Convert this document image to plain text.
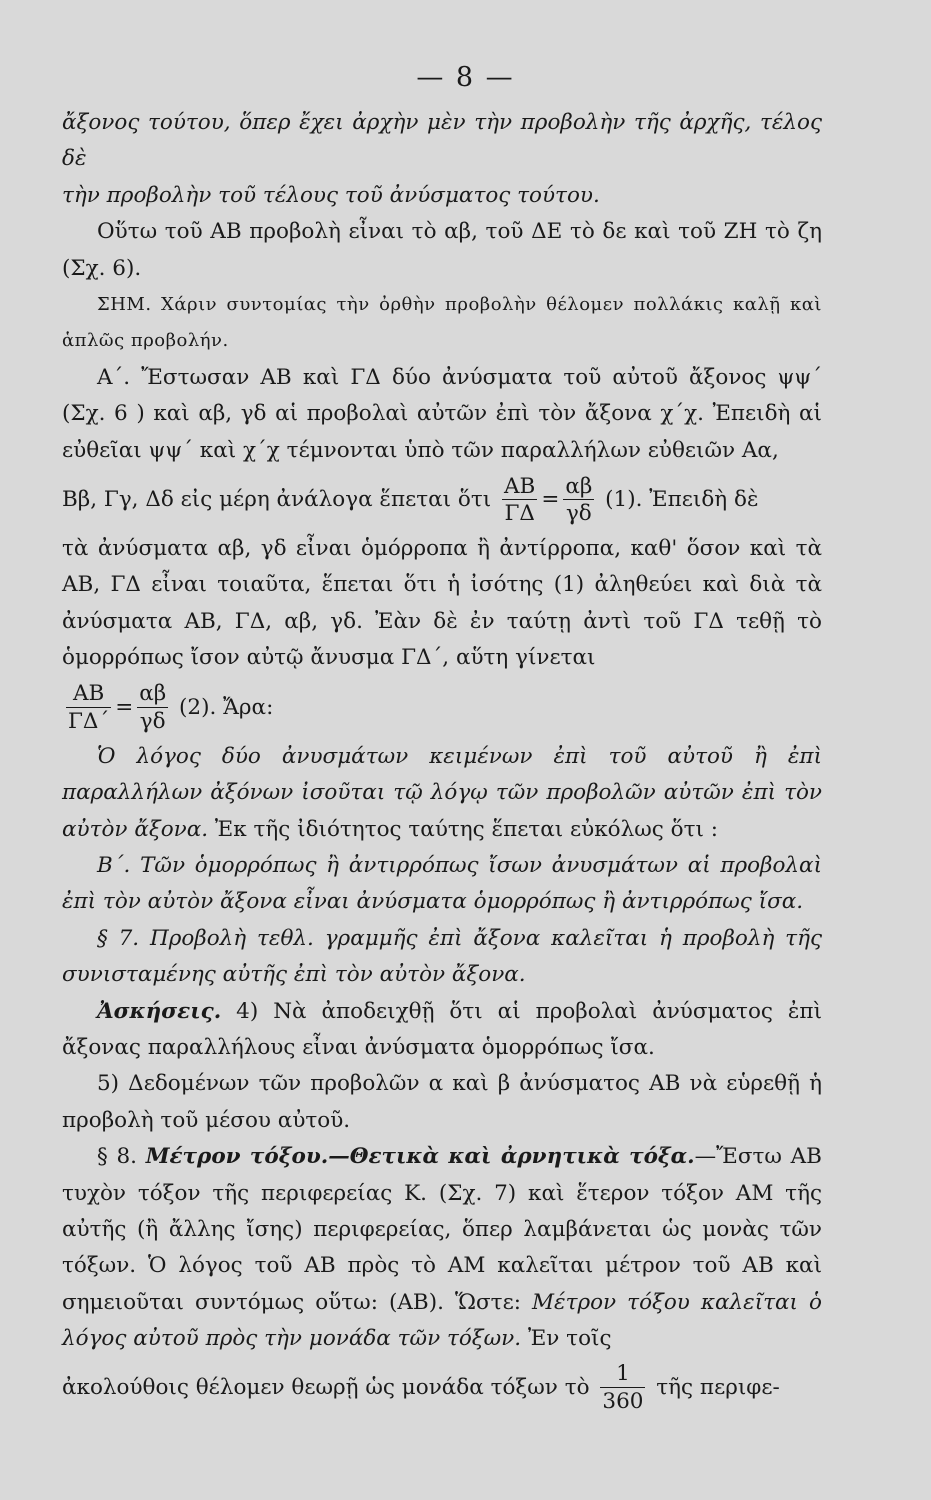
— 8 —

ἄξονος τούτου, ὅπερ ἔχει ἀρχὴν μὲν τὴν προβολὴν τῆς ἀρχῆς, τέλος δὲ

τὴν προβολὴν τοῦ τέλους τοῦ ἀνύσματος τούτου.

Οὕτω τοῦ ΑΒ προβολὴ εἶναι τὸ αβ, τοῦ ΔΕ τὸ δε καὶ τοῦ ΖΗ τὸ ζη (Σχ. 6).

ΣΗΜ. Χάριν συντομίας τὴν ὀρθὴν προβολὴν θέλομεν πολλάκις καλῇ καὶ ἁπλῶς προβολήν.

Α΄. Ἔστωσαν ΑΒ καὶ ΓΔ δύο ἀνύσματα τοῦ αὐτοῦ ἄξονος ψψ΄ (Σχ. 6 ) καὶ αβ, γδ αἱ προβολαὶ αὐτῶν ἐπὶ τὸν ἄξονα χ΄χ. Ἐπειδὴ αἱ εὐθεῖαι ψψ΄ καὶ χ΄χ τέμνονται ὑπὸ τῶν παραλλήλων εὐθειῶν Αα,

Ββ, Γγ, Δδ εἰς μέρη ἀνάλογα ἕπεται ὅτι $\frac{AB}{\Gamma\Delta} = \frac{\alpha\beta}{\gamma\delta} (1)$. Ἐπειδὴ δὲ

τὰ ἀνύσματα αβ, γδ εἶναι ὁμόρροπα ἢ ἀντίρροπα, καθ' ὅσον καὶ τὰ ΑΒ, ΓΔ εἶναι τοιαῦτα, ἕπεται ὅτι ἡ ἰσότης (1) ἀληθεύει καὶ διὰ τὰ ἀνύσματα ΑΒ, ΓΔ, αβ, γδ. Ἐὰν δὲ ἐν ταύτῃ ἀντὶ τοῦ ΓΔ τεθῇ τὸ ὁμορρόπως ἴσον αὐτῷ ἄνυσμα ΓΔ΄, αὕτη γίνεται

$\frac{AB}{\Gamma\Delta΄} = \frac{\alpha\beta}{\gamma\delta} (2)$. Ἄρα:

Ὁ λόγος δύο ἀνυσμάτων κειμένων ἐπὶ τοῦ αὐτοῦ ἢ ἐπὶ παραλλήλων ἀξόνων ἰσοῦται τῷ λόγῳ τῶν προβολῶν αὐτῶν ἐπὶ τὸν αὐτὸν ἄξονα. Ἐκ τῆς ἰδιότητος ταύτης ἕπεται εὐκόλως ὅτι :

Β΄. Τῶν ὁμορρόπως ἢ ἀντιρρόπως ἴσων ἀνυσμάτων αἱ προβολαὶ ἐπὶ τὸν αὐτὸν ἄξονα εἶναι ἀνύσματα ὁμορρόπως ἢ ἀντιρρόπως ἴσα.

§ 7. Προβολὴ τεθλ. γραμμῆς ἐπὶ ἄξονα καλεῖται ἡ προβολὴ τῆς συνισταμένης αὐτῆς ἐπὶ τὸν αὐτὸν ἄξονα.

Ἀσκήσεις. 4) Νὰ ἀποδειχθῇ ὅτι αἱ προβολαὶ ἀνύσματος ἐπὶ ἄξονας παραλλήλους εἶναι ἀνύσματα ὁμορρόπως ἴσα.

5) Δεδομένων τῶν προβολῶν α καὶ β ἀνύσματος ΑΒ νὰ εὑρεθῇ ἡ προβολὴ τοῦ μέσου αὐτοῦ.

§ 8. Μέτρον τόξου.—Θετικὰ καὶ ἀρνητικὰ τόξα.—Ἔστω ΑΒ τυχὸν τόξον τῆς περιφερείας Κ. (Σχ. 7) καὶ ἕτερον τόξον ΑΜ τῆς αὐτῆς (ἢ ἄλλης ἴσης) περιφερείας, ὅπερ λαμβάνεται ὡς μονὰς τῶν τόξων. Ὁ λόγος τοῦ ΑΒ πρὸς τὸ ΑΜ καλεῖται μέτρον τοῦ ΑΒ καὶ σημειοῦται συντόμως οὕτω: (ΑΒ). Ὥστε: Μέτρον τόξου καλεῖται ὁ λόγος αὐτοῦ πρὸς τὴν μονάδα τῶν τόξων. Ἐν τοῖς

ἀκολούθοις θέλομεν θεωρῇ ὡς μονάδα τόξων τὸ $\frac{1}{360}$ τῆς περιφε-
